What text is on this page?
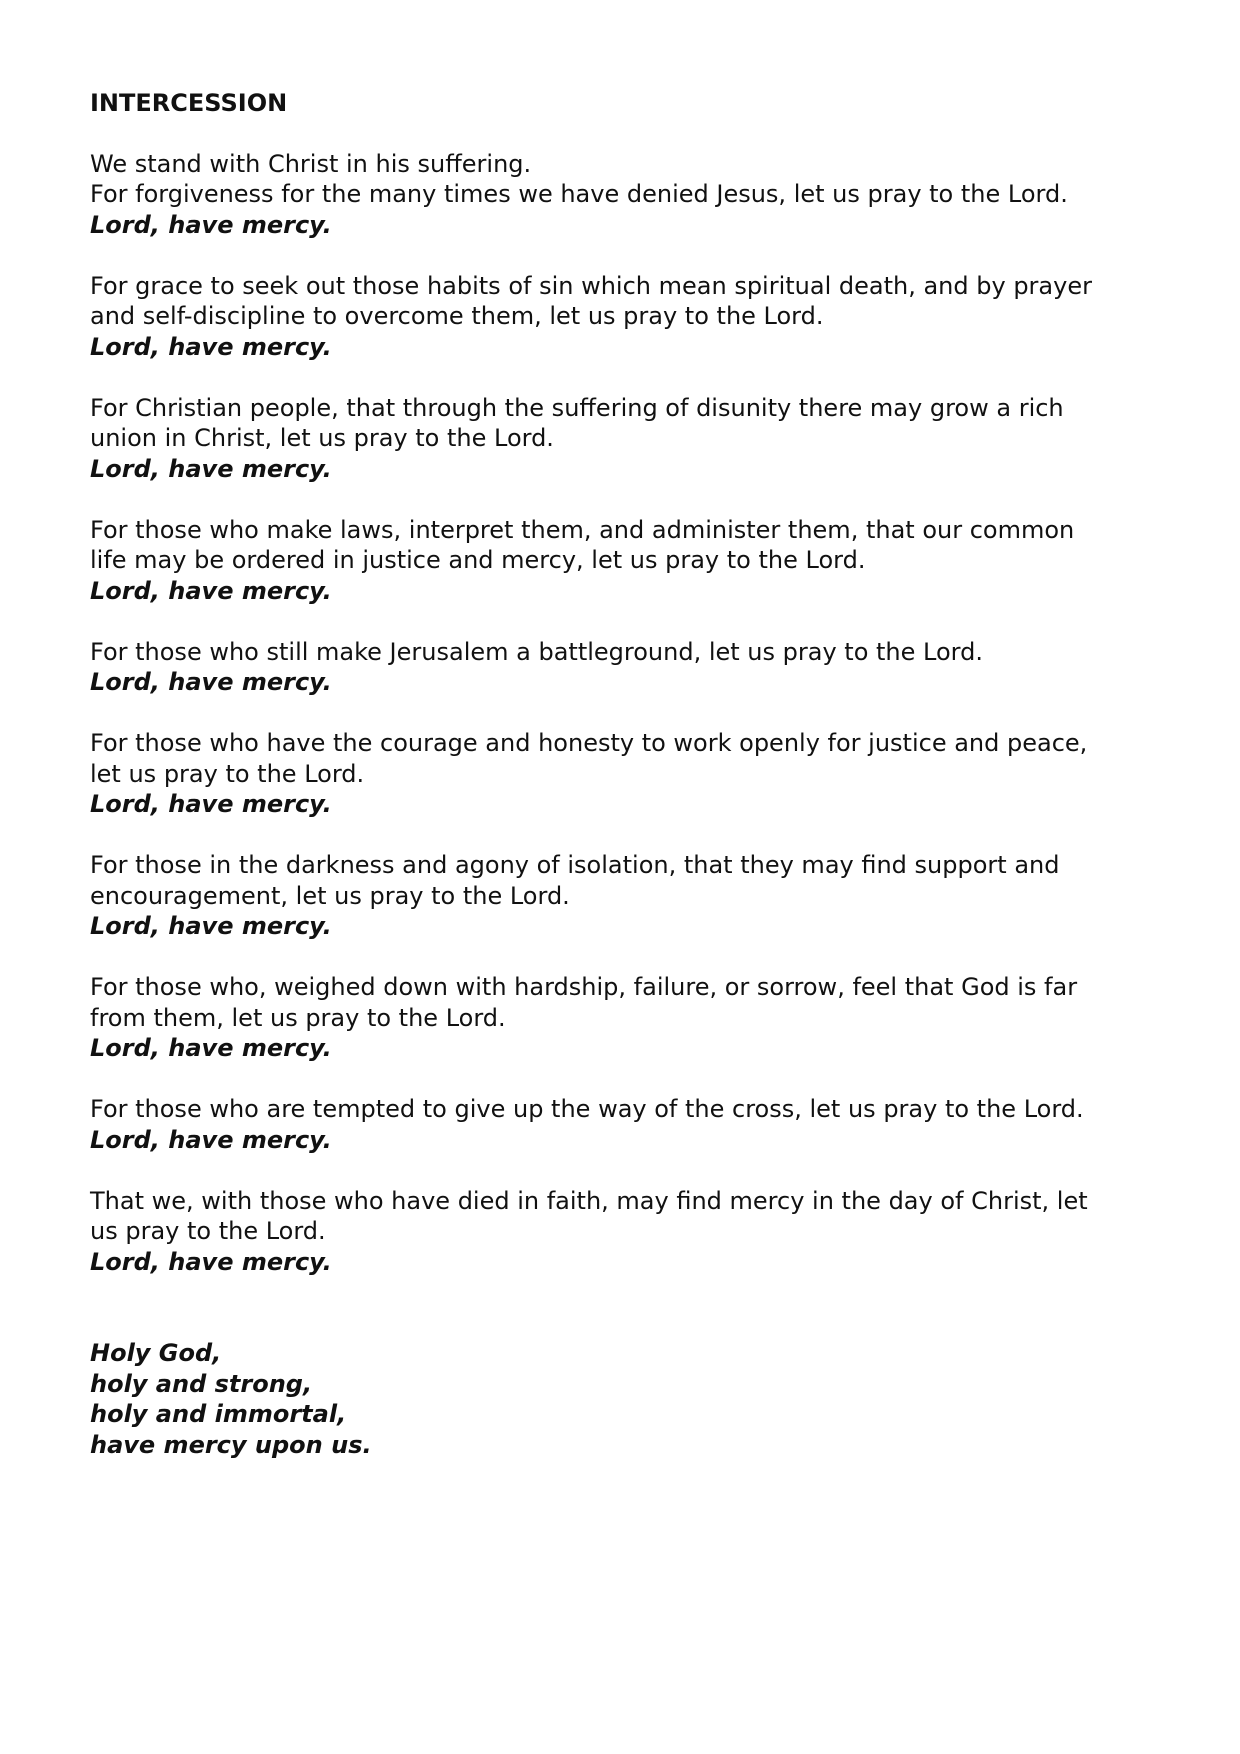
INTERCESSION
We stand with Christ in his suffering.
For forgiveness for the many times we have denied Jesus, let us pray to the Lord.
Lord, have mercy.
For grace to seek out those habits of sin which mean spiritual death, and by prayer
and self-discipline to overcome them, let us pray to the Lord.
Lord, have mercy.
For Christian people, that through the suffering of disunity there may grow a rich
union in Christ, let us pray to the Lord.
Lord, have mercy.
For those who make laws, interpret them, and administer them, that our common
life may be ordered in justice and mercy, let us pray to the Lord.
Lord, have mercy.
For those who still make Jerusalem a battleground, let us pray to the Lord.
Lord, have mercy.
For those who have the courage and honesty to work openly for justice and peace,
let us pray to the Lord.
Lord, have mercy.
For those in the darkness and agony of isolation, that they may find support and
encouragement, let us pray to the Lord.
Lord, have mercy.
For those who, weighed down with hardship, failure, or sorrow, feel that God is far
from them, let us pray to the Lord.
Lord, have mercy.
For those who are tempted to give up the way of the cross, let us pray to the Lord.
Lord, have mercy.
That we, with those who have died in faith, may find mercy in the day of Christ, let
us pray to the Lord.
Lord, have mercy.
Holy God,
holy and strong,
holy and immortal,
have mercy upon us.
